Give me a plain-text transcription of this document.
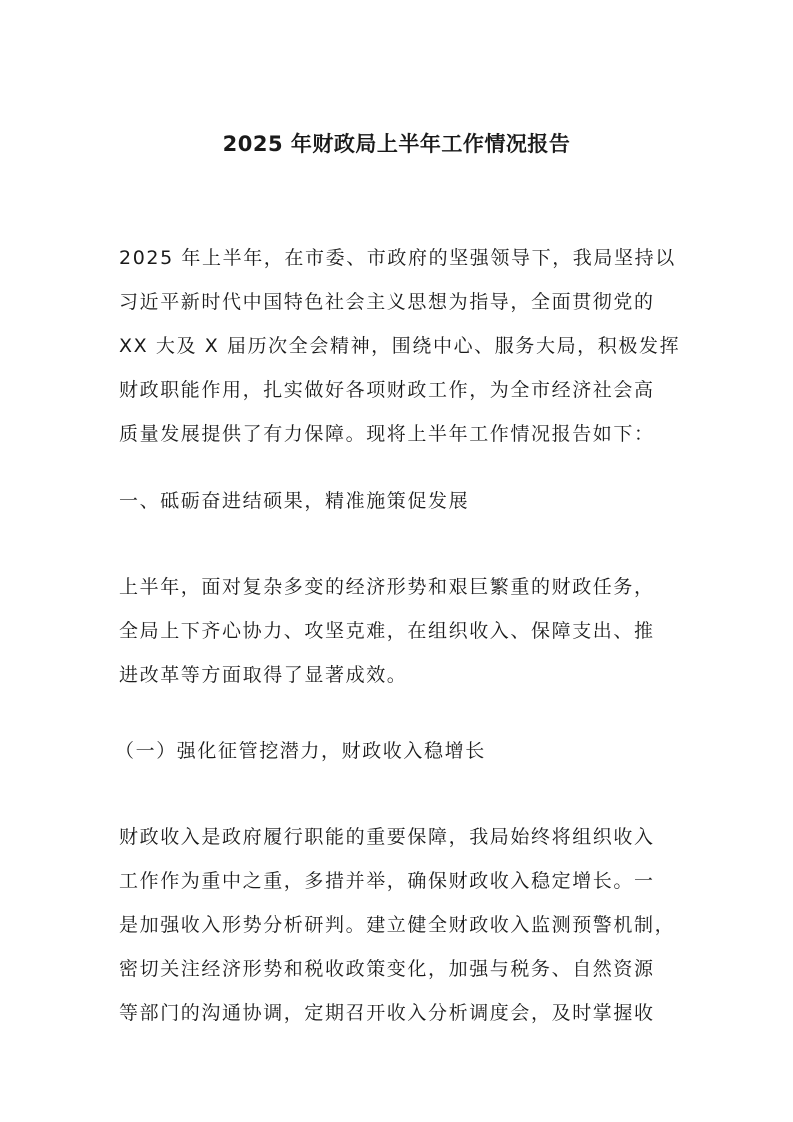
2025 年财政局上半年工作情况报告
2025 年上半年，在市委、市政府的坚强领导下，我局坚持以
习近平新时代中国特色社会主义思想为指导，全面贯彻党的
XX 大及 X 届历次全会精神，围绕中心、服务大局，积极发挥
财政职能作用，扎实做好各项财政工作，为全市经济社会高
质量发展提供了有力保障。现将上半年工作情况报告如下：
一、砥砺奋进结硕果，精准施策促发展
上半年，面对复杂多变的经济形势和艰巨繁重的财政任务，
全局上下齐心协力、攻坚克难，在组织收入、保障支出、推
进改革等方面取得了显著成效。
（一）强化征管挖潜力，财政收入稳增长
财政收入是政府履行职能的重要保障，我局始终将组织收入
工作作为重中之重，多措并举，确保财政收入稳定增长。一
是加强收入形势分析研判。建立健全财政收入监测预警机制，
密切关注经济形势和税收政策变化，加强与税务、自然资源
等部门的沟通协调，定期召开收入分析调度会，及时掌握收
